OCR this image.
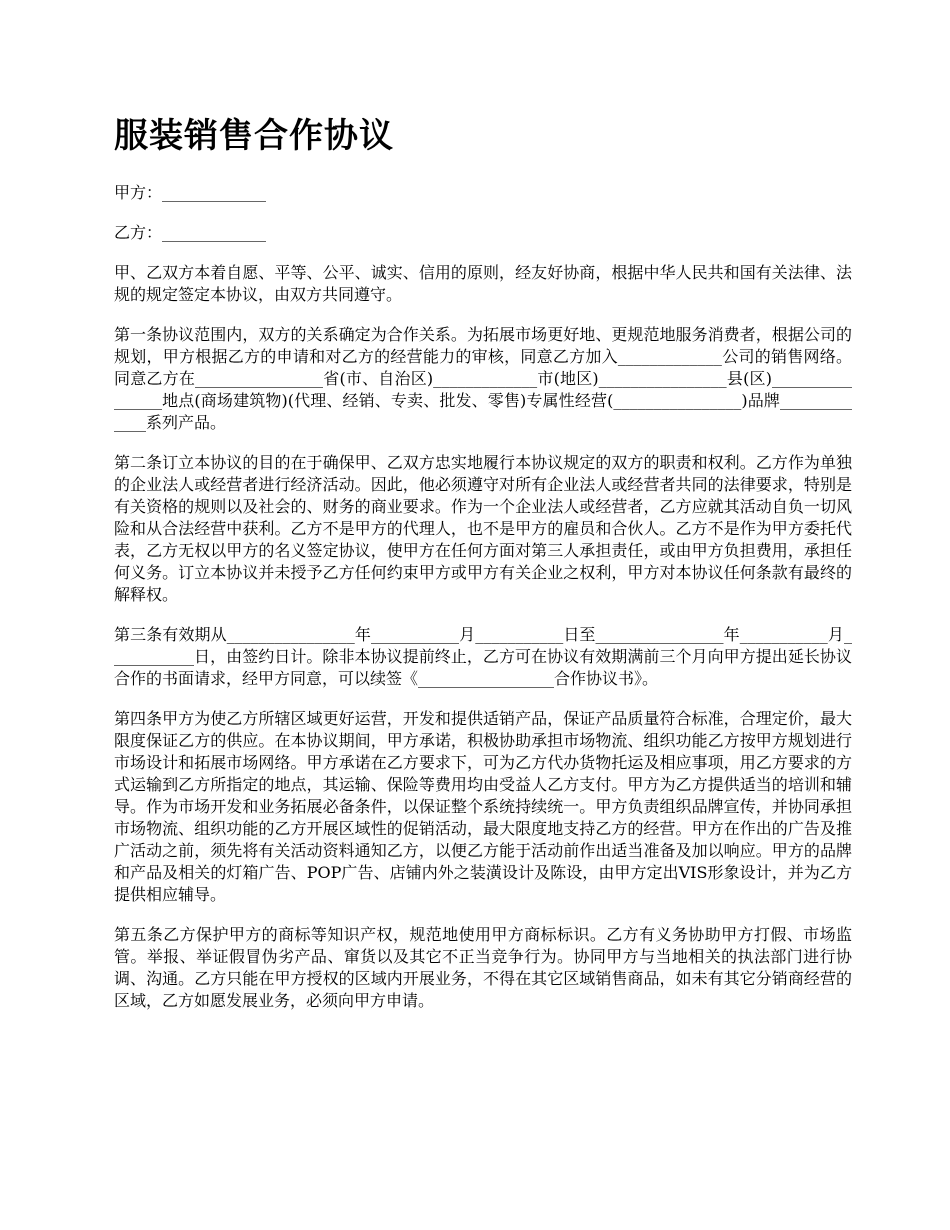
服装销售合作协议

甲方：_____________

乙方：_____________

甲、乙双方本着自愿、平等、公平、诚实、信用的原则，经友好协商，根据中华人民共和国有关法律、法规的规定签定本协议，由双方共同遵守。

第一条协议范围内，双方的关系确定为合作关系。为拓展市场更好地、更规范地服务消费者，根据公司的规划，甲方根据乙方的申请和对乙方的经营能力的审核，同意乙方加入_____________公司的销售网络。同意乙方在________________省(市、自治区)_____________市(地区)________________县(区)________________地点(商场建筑物)(代理、经销、专卖、批发、零售)专属性经营(________________)品牌_____________系列产品。

第二条订立本协议的目的在于确保甲、乙双方忠实地履行本协议规定的双方的职责和权利。乙方作为单独的企业法人或经营者进行经济活动。因此，他必须遵守对所有企业法人或经营者共同的法律要求，特别是有关资格的规则以及社会的、财务的商业要求。作为一个企业法人或经营者，乙方应就其活动自负一切风险和从合法经营中获利。乙方不是甲方的代理人，也不是甲方的雇员和合伙人。乙方不是作为甲方委托代表，乙方无权以甲方的名义签定协议，使甲方在任何方面对第三人承担责任，或由甲方负担费用，承担任何义务。订立本协议并未授予乙方任何约束甲方或甲方有关企业之权利，甲方对本协议任何条款有最终的解释权。

第三条有效期从________________年___________月___________日至________________年___________月___________日，由签约日计。除非本协议提前终止，乙方可在协议有效期满前三个月向甲方提出延长协议合作的书面请求，经甲方同意，可以续签《_________________合作协议书》。

第四条甲方为使乙方所辖区域更好运营，开发和提供适销产品，保证产品质量符合标准，合理定价，最大限度保证乙方的供应。在本协议期间，甲方承诺，积极协助承担市场物流、组织功能乙方按甲方规划进行市场设计和拓展市场网络。甲方承诺在乙方要求下，可为乙方代办货物托运及相应事项，用乙方要求的方式运输到乙方所指定的地点，其运输、保险等费用均由受益人乙方支付。甲方为乙方提供适当的培训和辅导。作为市场开发和业务拓展必备条件，以保证整个系统持续统一。甲方负责组织品牌宣传，并协同承担市场物流、组织功能的乙方开展区域性的促销活动，最大限度地支持乙方的经营。甲方在作出的广告及推广活动之前，须先将有关活动资料通知乙方，以便乙方能于活动前作出适当准备及加以响应。甲方的品牌和产品及相关的灯箱广告、POP广告、店铺内外之装潢设计及陈设，由甲方定出VIS形象设计，并为乙方提供相应辅导。

第五条乙方保护甲方的商标等知识产权，规范地使用甲方商标标识。乙方有义务协助甲方打假、市场监管。举报、举证假冒伪劣产品、窜货以及其它不正当竞争行为。协同甲方与当地相关的执法部门进行协调、沟通。乙方只能在甲方授权的区域内开展业务，不得在其它区域销售商品，如未有其它分销商经营的区域，乙方如愿发展业务，必须向甲方申请。
